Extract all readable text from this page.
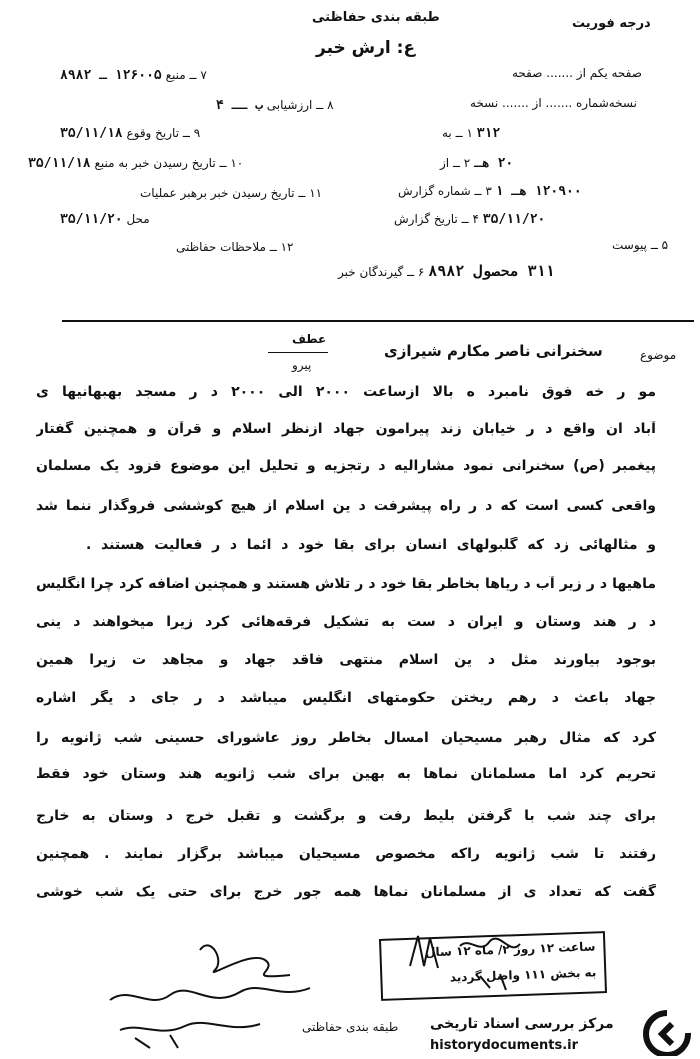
طبقه بندی حفاظتی	درجه فوریت
ع: ارش خبر
صفحه یکم از ....... صفحه
نسخه‌شماره ....... از ....... نسخه
۷ ــ منبع ۱۲۶۰۰۵ ـ ۸۹۸۲
۸ ــ ارزشیابی ب ــ ۴
۹ ــ تاریخ وقوع ۳۵/۱۱/۱۸
۱۰ ــ تاریخ رسیدن خبر به منبع ۳۵/۱۱/۱۸
۱۱ ــ تاریخ رسیدن خبر برهبر عملیات
محل ۳۵/۱۱/۲۰
۱۲ ــ ملاحظات حفاظتی
۳۱۲ ۱ ــ به
۲۰ هـ ۲ ــ از
۱۲۰۹۰۰ هـ ۱ ۳ ــ شماره گزارش
۳۵/۱۱/۲۰ ۴ ــ تاریخ گزارش
۵ ــ پیوست
۳۱۱ محصول ۸۹۸۲ ۶ ــ گیرندگان خبر
عطف
پیرو
موضوع
سخنرانی ناصر مکارم شیرازی
مو ر خه فوق نامبرد ه بالا ازساعت ۲۰۰۰ الی ۲۰۰۰ د ر مسجد بهبهانیها ی
آباد ان واقع د ر خیابان زند پیرامون جهاد ازنظر اسلام و قرآن و همچنین گفتار
پیغمبر (ص) سخنرانی نمود مشارالیه د رتجزیه و تحلیل این موضوع فزود یک مسلمان
واقعی کسی است که د ر راه پیشرفت د ین اسلام از هیچ کوششی فروگذار ننما شد
و مثالهائی زد که گلبولهای انسان برای بقا خود د ائما د ر فعالیت هستند .
ماهیها د ر زیر آب د ریاها بخاطر بقا خود د ر تلاش هستند و همچنین اضافه کرد چرا انگلیس
د ر هند وستان و ایران د ست به تشکیل فرقه‌هائی کرد زیرا میخواهند د ینی
بوجود بیاورند مثل د ین اسلام منتهی فاقد جهاد و مجاهد ت زیرا همین
جهاد باعث د رهم ریختن حکومتهای انگلیس میباشد د ر جای د یگر اشاره
کرد که مثال رهبر مسیحیان امسال بخاطر روز عاشورای حسینی شب ژانویه را
تحریم کرد اما مسلمانان نماها به بهین برای شب ژانویه هند وستان خود فقط
برای چند شب با گرفتن بلیط رفت و برگشت و تقبل خرج د وستان به خارج
رفتند تا شب ژانویه راکه مخصوص مسیحیان میباشد برگزار نمایند . همچنین
گفت که تعداد ی از مسلمانان نماها همه جور خرج برای حتی یک شب خوشی
ساعت ۱۲ روز ۲/ ماه ۱۲ سال
به بخش ۱۱۱ واصل گردید
طبقه بندی حفاظتی مرکز بررسی اسناد تاریخی
historydocuments.ir
